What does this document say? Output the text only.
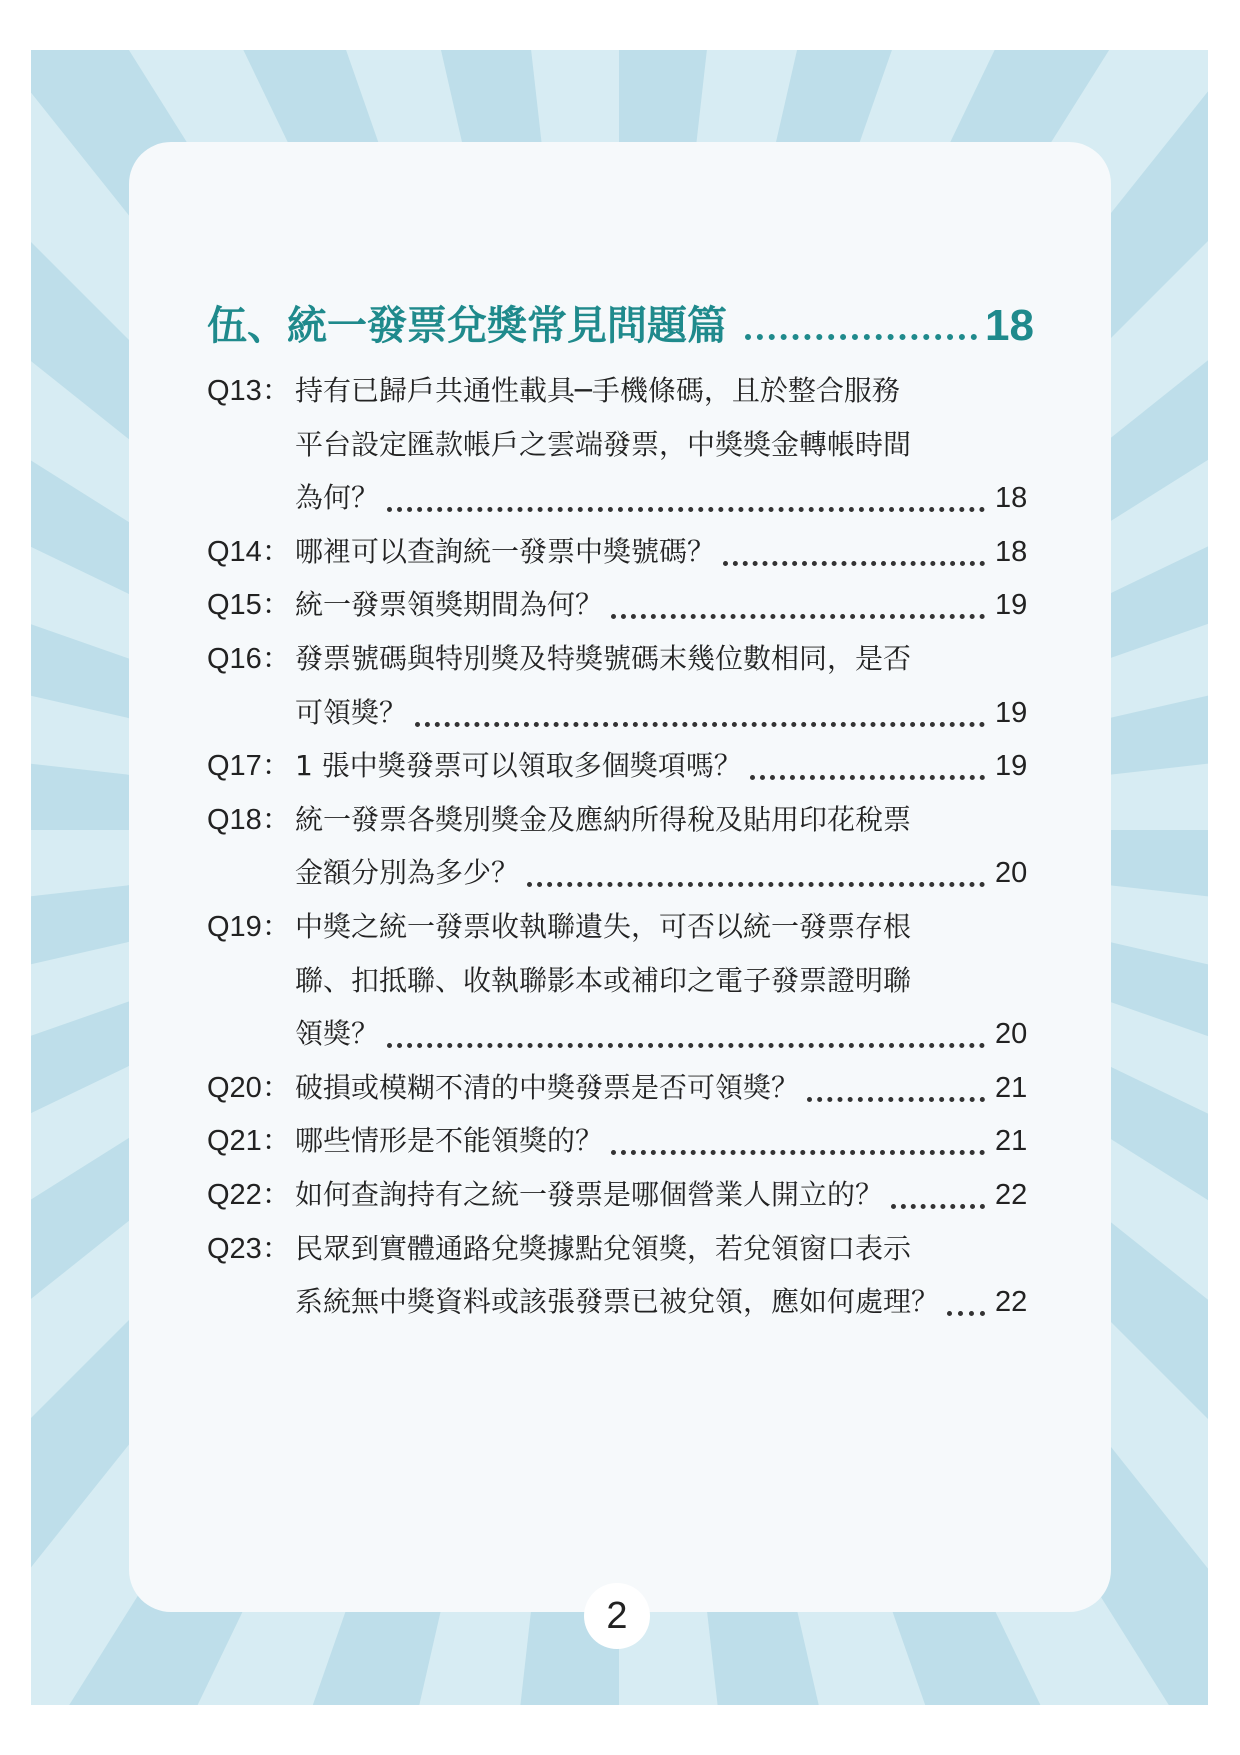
伍、統一發票兌獎常見問題篇	18
Q13： 持有已歸戶共通性載具─手機條碼，且於整合服務
平台設定匯款帳戶之雲端發票，中獎獎金轉帳時間
為何？	18
Q14： 哪裡可以查詢統一發票中獎號碼？	18
Q15： 統一發票領獎期間為何？	19
Q16： 發票號碼與特別獎及特獎號碼末幾位數相同，是否
可領獎？	19
Q17： 1 張中獎發票可以領取多個獎項嗎？	19
Q18： 統一發票各獎別獎金及應納所得稅及貼用印花稅票
金額分別為多少？	20
Q19： 中獎之統一發票收執聯遺失，可否以統一發票存根
聯、扣抵聯、收執聯影本或補印之電子發票證明聯
領獎？	20
Q20： 破損或模糊不清的中獎發票是否可領獎？	21
Q21： 哪些情形是不能領獎的？	21
Q22： 如何查詢持有之統一發票是哪個營業人開立的？	22
Q23： 民眾到實體通路兌獎據點兌領獎，若兌領窗口表示
系統無中獎資料或該張發票已被兌領，應如何處理？ 22
2
